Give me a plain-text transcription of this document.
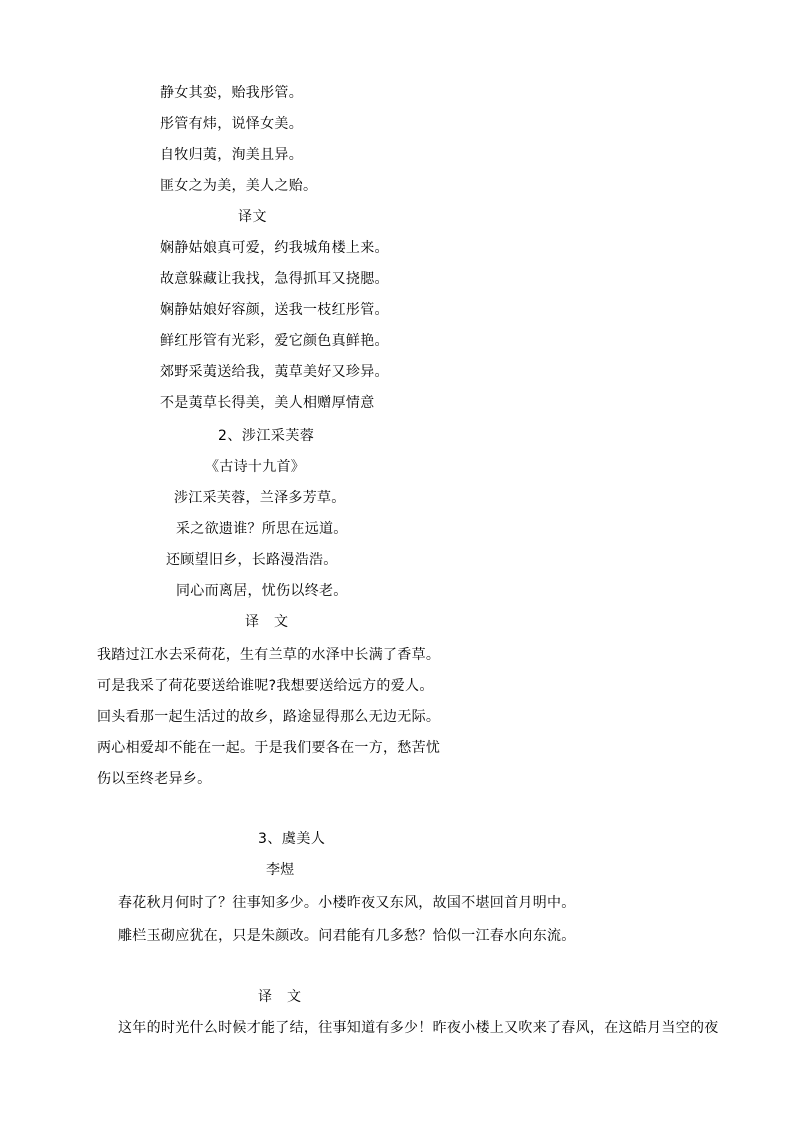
静女其娈，贻我彤管。
彤管有炜，说怿女美。
自牧归荑，洵美且异。
匪女之为美，美人之贻。
译文
娴静姑娘真可爱，约我城角楼上来。
故意躲藏让我找，急得抓耳又挠腮。
娴静姑娘好容颜，送我一枝红彤管。
鲜红彤管有光彩，爱它颜色真鲜艳。
郊野采荑送给我，荑草美好又珍异。
不是荑草长得美，美人相赠厚情意
2、涉江采芙蓉
《古诗十九首》
涉江采芙蓉，兰泽多芳草。
采之欲遗谁？所思在远道。
还顾望旧乡，长路漫浩浩。
同心而离居，忧伤以终老。
译　文
我踏过江水去采荷花，生有兰草的水泽中长满了香草。
可是我采了荷花要送给谁呢?我想要送给远方的爱人。
回头看那一起生活过的故乡，路途显得那么无边无际。
两心相爱却不能在一起。于是我们要各在一方，愁苦忧
伤以至终老异乡。
3、虞美人
李煜
春花秋月何时了？往事知多少。小楼昨夜又东风，故国不堪回首月明中。
雕栏玉砌应犹在，只是朱颜改。问君能有几多愁？恰似一江春水向东流。
译　文
这年的时光什么时候才能了结，往事知道有多少！昨夜小楼上又吹来了春风，在这皓月当空的夜
